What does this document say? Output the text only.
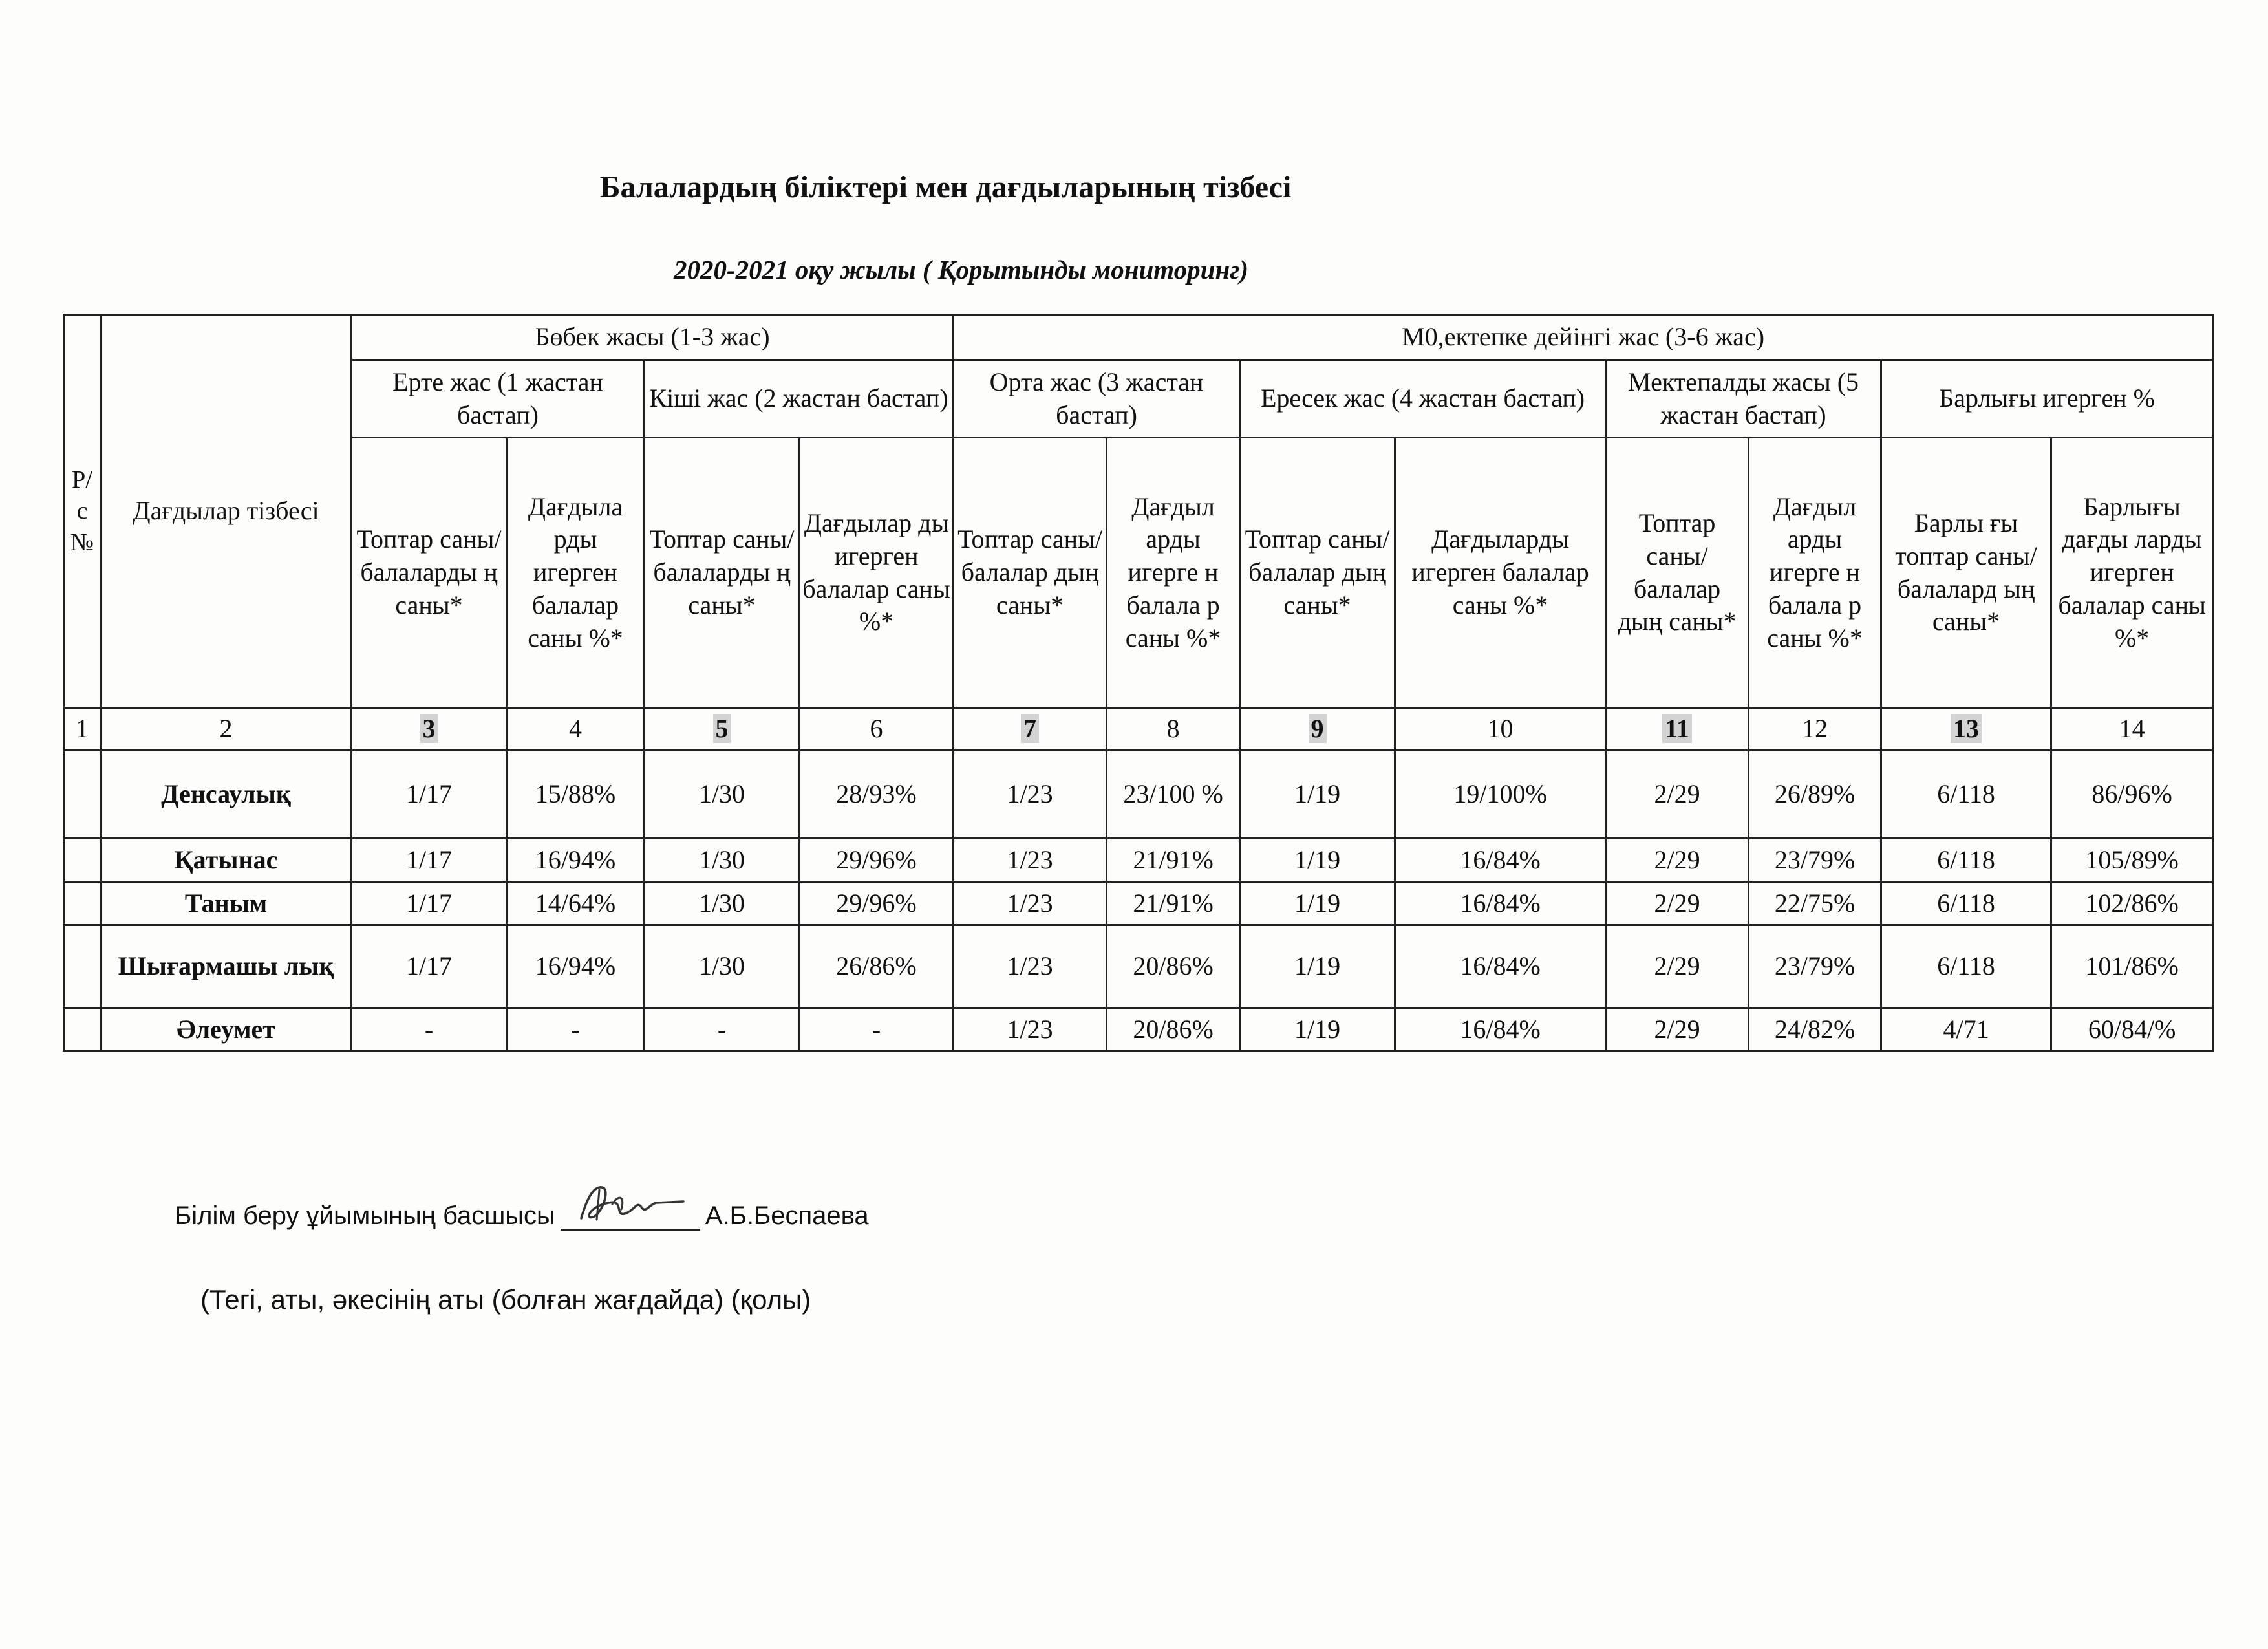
Балалардың біліктері мен дағдыларының тізбесі
2020-2021 оқу жылы ( Қорытынды мониторинг)
Р/с №	Дағдылар тізбесі	Бөбек жасы (1-3 жас)				М0,ектепке дейінгі жас (3-6 жас)							
		Ерте жас (1 жастан бастап)		Кіші жас (2 жастан бастап)		Орта жас (3 жастан бастап)		Ересек жас (4 жастан бастап)		Мектепалды жасы (5 жастан бастап)		Барлығы игерген %	
		Топтар саны/ балаларды ң саны*	Дағдыла рды игерген балалар саны %*	Топтар саны/ балаларды ң саны*	Дағдылар ды игерген балалар саны %*	Топтар саны/ балалар дың саны*	Дағдыл арды игерге н балала р саны %*	Топтар саны/ балалар дың саны*	Дағдыларды игерген балалар саны %*	Топтар саны/ балалар дың саны*	Дағдыл арды игерге н балала р саны %*	Барлы ғы топтар саны/ балалард ың саны*	Барлығы дағды ларды игерген балалар саны %*
1	2	3	4	5	6	7	8	9	10	11	12	13	14
	Денсаулық	1/17	15/88%	1/30	28/93%	1/23	23/100 %	1/19	19/100%	2/29	26/89%	6/118	86/96%
	Қатынас	1/17	16/94%	1/30	29/96%	1/23	21/91%	1/19	16/84%	2/29	23/79%	6/118	105/89%
	Таным	1/17	14/64%	1/30	29/96%	1/23	21/91%	1/19	16/84%	2/29	22/75%	6/118	102/86%
	Шығармашы лық	1/17	16/94%	1/30	26/86%	1/23	20/86%	1/19	16/84%	2/29	23/79%	6/118	101/86%
	Әлеумет	-	-	-	-	1/23	20/86%	1/19	16/84%	2/29	24/82%	4/71	60/84/%
Білім беру ұйымының басшысы	А.Б.Беспаева
(Тегі, аты, әкесінің аты (болған жағдайда) (қолы)
